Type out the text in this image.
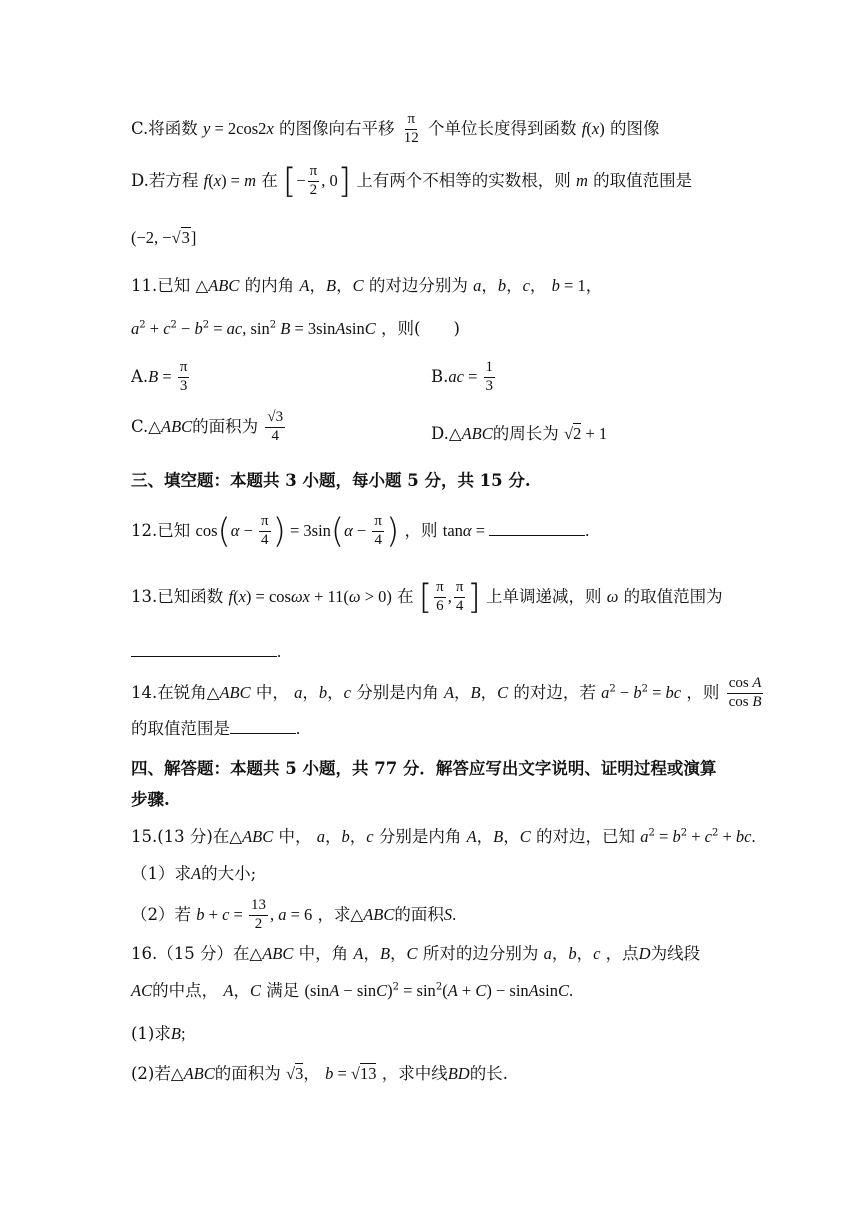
C.将函数 y = 2cos2x 的图像向右平移 $\frac{\pi}{12}$ 个单位长度得到函数 f(x) 的图像
D.若方程 f(x) = m 在 [− $\frac{\pi}{2}$ , 0] 上有两个不相等的实数根，则 m 的取值范围是
(−2, −√3]
11.已知 △ABC 的内角 A，B，C 的对边分别为 a，b，c， b = 1，
$a^2 + c^2 - b^2$ = ac, $\sin^2 B$ = 3sinAsinC ，则(　　)
$A.B = \frac{\pi}{3}$	$B.ac = \frac{1}{3}$
C.△ABC的面积为 $\frac{√3}{4}$	D.△ABC的周长为 √2 + 1
三、填空题：本题共 3 小题，每小题 5 分，共 15 分.
12.已知 $\cos(\alpha - \frac{\pi}{4}$ ) = $3\sin(\alpha - \frac{\pi}{4}$ ) ，则 tanα =	.
13.已知函数 f(x) = cosωx + 11(ω > 0) 在 [ $\frac{\pi}{6}$ , $\frac{\pi}{4}$ ] 上单调递减，则 ω 的取值范围为
.
14.在锐角△ABC 中， a，b，c 分别是内角 A，B，C 的对边，若 $a^2 - b^2$ = bc ，则 $\frac{\text{cos A}}{\text{cos B}}$
的取值范围是	.
四、解答题：本题共 5 小题，共 77 分．解答应写出文字说明、证明过程或演算
步骤.
15.(13 分)在△ABC 中， a，b，c 分别是内角 A，B，C 的对边，已知 $a^2 = b^2 + c^2$ + bc.
（1）求A的大小;
（2）若 $b + c = \frac{13}{2}$ , a = 6 ，求△ABC的面积S.
16.（15 分）在△ABC 中，角 A，B，C 所对的边分别为 a，b，c ，点D为线段
AC的中点， A，C 满足 $(\sin A - \sin C)^2 = \sin^2(A + C)$ − sinAsinC.
(1)求B;
(2)若△ABC的面积为 √3， b = √13 ，求中线BD的长.
